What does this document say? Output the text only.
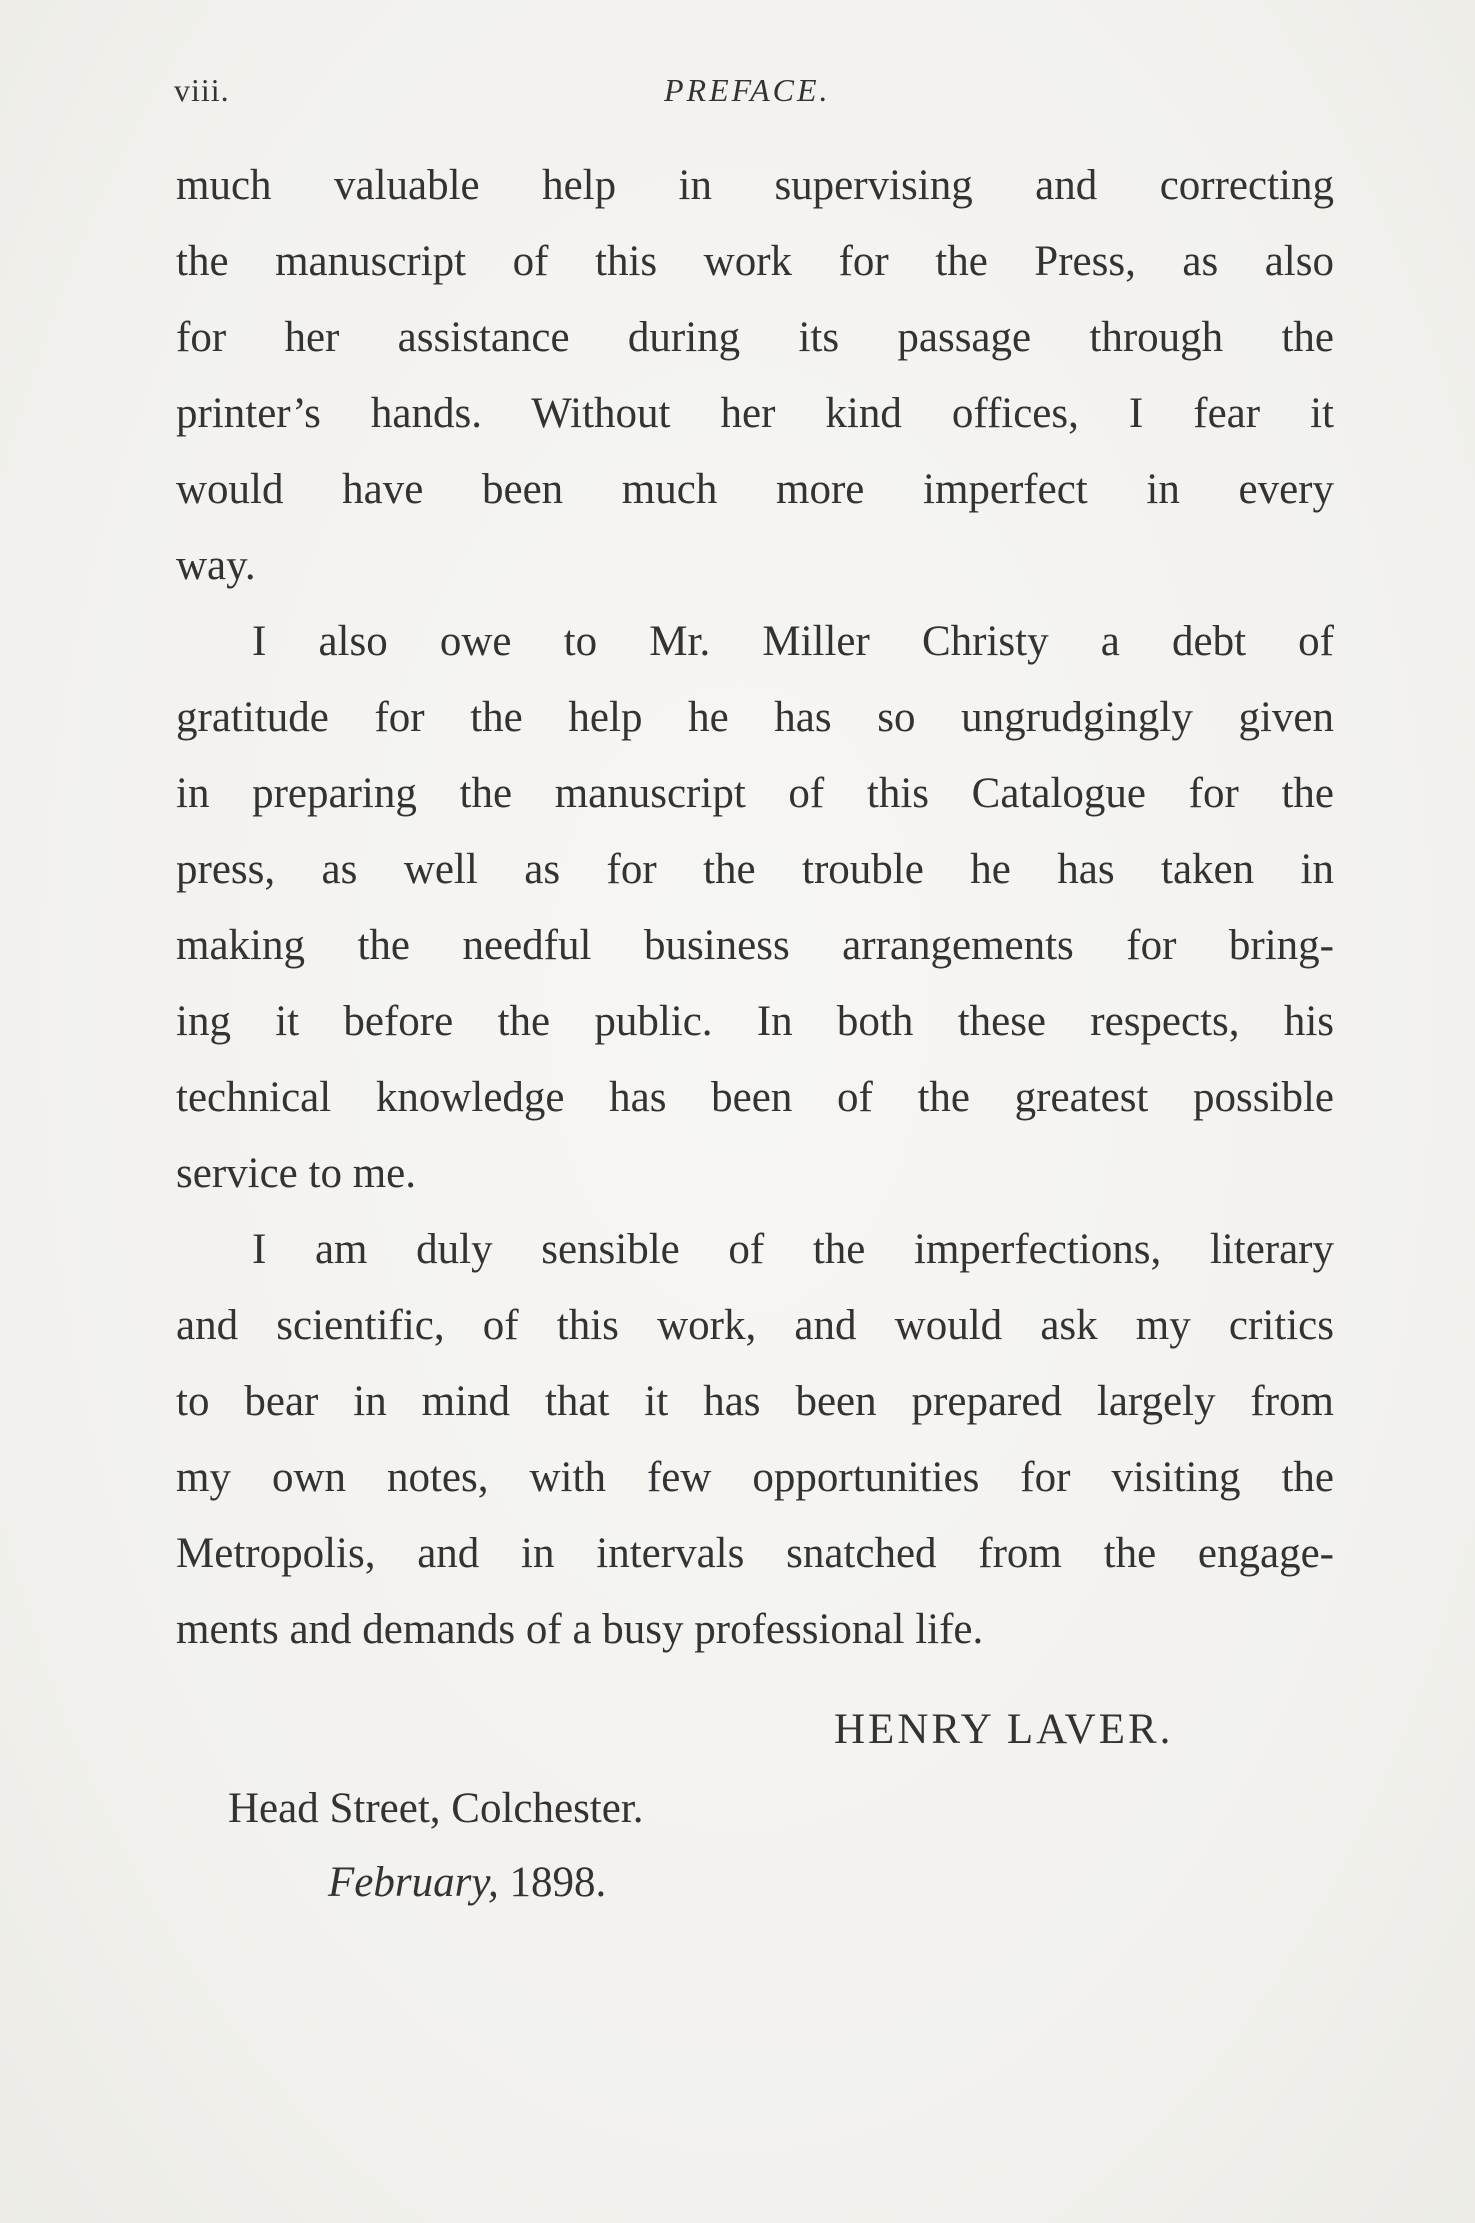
viii.	PREFACE.
much valuable help in supervising and correcting
the manuscript of this work for the Press, as also
for her assistance during its passage through the
printer’s hands. Without her kind offices, I fear it
would have been much more imperfect in every
way.
I also owe to Mr. Miller Christy a debt of
gratitude for the help he has so ungrudgingly given
in preparing the manuscript of this Catalogue for the
press, as well as for the trouble he has taken in
making the needful business arrangements for bring-
ing it before the public. In both these respects, his
technical knowledge has been of the greatest possible
service to me.
I am duly sensible of the imperfections, literary
and scientific, of this work, and would ask my critics
to bear in mind that it has been prepared largely from
my own notes, with few opportunities for visiting the
Metropolis, and in intervals snatched from the engage-
ments and demands of a busy professional life.
HENRY LAVER.
Head Street, Colchester.
February, 1898.
